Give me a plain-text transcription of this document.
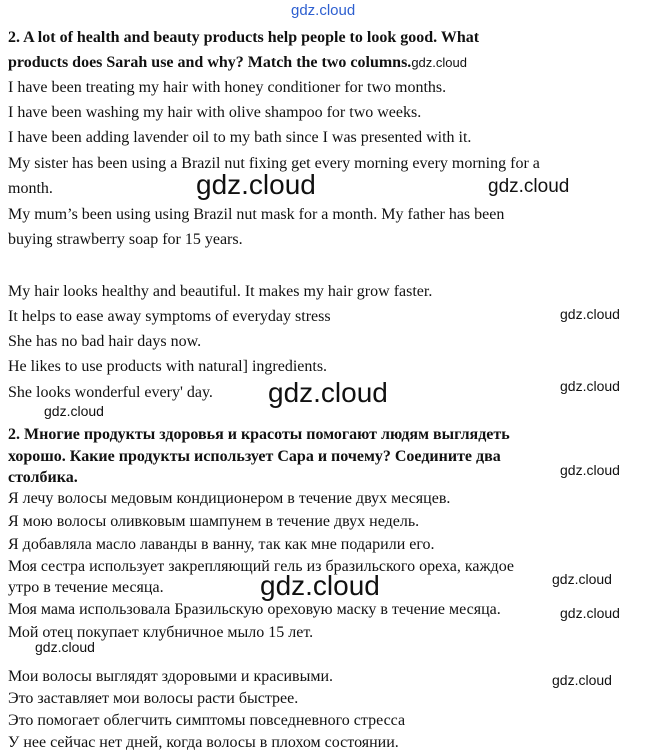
gdz.cloud
2. A lot of health and beauty products help people to look good. What
products does Sarah use and why? Match the two columns.gdz.cloud
I have been treating my hair with honey conditioner for two months.
I have been washing my hair with olive shampoo for two weeks.
I have been adding lavender oil to my bath since I was presented with it.
My sister has been using a Brazil nut fixing get every morning every morning for a
month.
My mum’s been using using Brazil nut mask for a month. My father has been
buying strawberry soap for 15 years.
My hair looks healthy and beautiful. It makes my hair grow faster.
It helps to ease away symptoms of everyday stress
She has no bad hair days now.
He likes to use products with natural] ingredients.
She looks wonderful every' day.
2. Многие продукты здоровья и красоты помогают людям выглядеть
хорошо. Какие продукты использует Сара и почему? Соедините два
столбика.
Я лечу волосы медовым кондиционером в течение двух месяцев.
Я мою волосы оливковым шампунем в течение двух недель.
Я добавляла масло лаванды в ванну, так как мне подарили его.
Моя сестра использует закрепляющий гель из бразильского ореха, каждое
утро в течение месяца.
Моя мама использовала Бразильскую ореховую маску в течение месяца.
Мой отец покупает клубничное мыло 15 лет.
Мои волосы выглядят здоровыми и красивыми.
Это заставляет мои волосы расти быстрее.
Это помогает облегчить симптомы повседневного стресса
У нее сейчас нет дней, когда волосы в плохом состоянии.
gdz.cloud	gdz.cloud
gdz.cloud
gdz.cloud
gdz.cloud
gdz.cloud
gdz.cloud
gdz.cloud
gdz.cloud
gdz.cloud
gdz.cloud
gdz.cloud
